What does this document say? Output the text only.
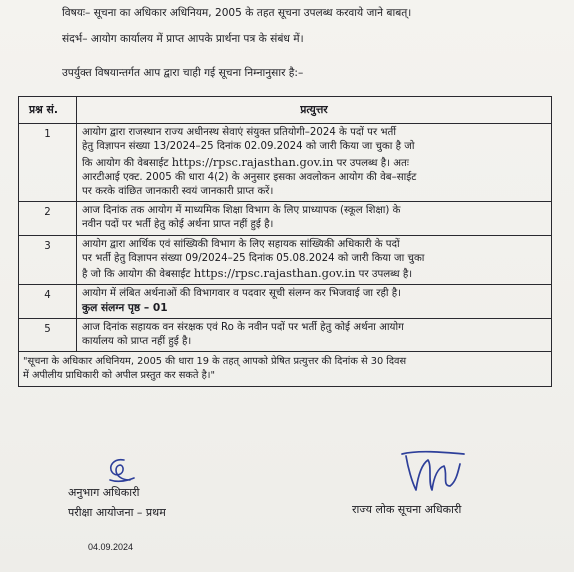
विषयः– सूचना का अधिकार अधिनियम, 2005 के तहत सूचना उपलब्ध करवाये जाने बाबत्।
संदर्भ– आयोग कार्यालय में प्राप्त आपके प्रार्थना पत्र के संबंध में।
उपर्युक्त विषयान्तर्गत आप द्वारा चाही गई सूचना निम्नानुसार है:–
प्रश्न सं.	प्रत्युत्तर
1	आयोग द्वारा राजस्थान राज्य अधीनस्थ सेवाएं संयुक्त प्रतियोगी–2024 के पदों पर भर्ती
हेतु विज्ञापन संख्या 13/2024–25 दिनांक 02.09.2024 को जारी किया जा चुका है जो
कि आयोग की वेबसाईट https://rpsc.rajasthan.gov.in पर उपलब्ध है। अतः
आरटीआई एक्ट. 2005 की धारा 4(2) के अनुसार इसका अवलोकन आयोग की वेब–साईट
पर करके वांछित जानकारी स्वयं जानकारी प्राप्त करें।

2	आज दिनांक तक आयोग में माध्यमिक शिक्षा विभाग के लिए प्राध्यापक (स्कूल शिक्षा) के
नवीन पदों पर भर्ती हेतु कोई अर्थना प्राप्त नहीं हुई है।

3	आयोग द्वारा आर्थिक एवं सांख्यिकी विभाग के लिए सहायक सांख्यिकी अधिकारी के पदों
पर भर्ती हेतु विज्ञापन संख्या 09/2024–25 दिनांक 05.08.2024 को जारी किया जा चुका
है जो कि आयोग की वेबसाईट https://rpsc.rajasthan.gov.in पर उपलब्ध है।

4	आयोग में लंबित अर्थनाओं की विभागवार व पदवार सूची संलग्न कर भिजवाई जा रही है।
कुल संलग्न पृष्ठ – 01

5	आज दिनांक सहायक वन संरक्षक एवं Ro के नवीन पदों पर भर्ती हेतु कोई अर्थना आयोग
कार्यालय को प्राप्त नहीं हुई है।

"सूचना के अधिकार अधिनियम, 2005 की धारा 19 के तहत् आपको प्रेषित प्रत्युत्तर की दिनांक से 30 दिवस
में अपीलीय प्राधिकारी को अपील प्रस्तुत कर सकते है।"	
अनुभाग अधिकारी
परीक्षा आयोजना – प्रथम
04.09.2024
राज्य लोक सूचना अधिकारी
